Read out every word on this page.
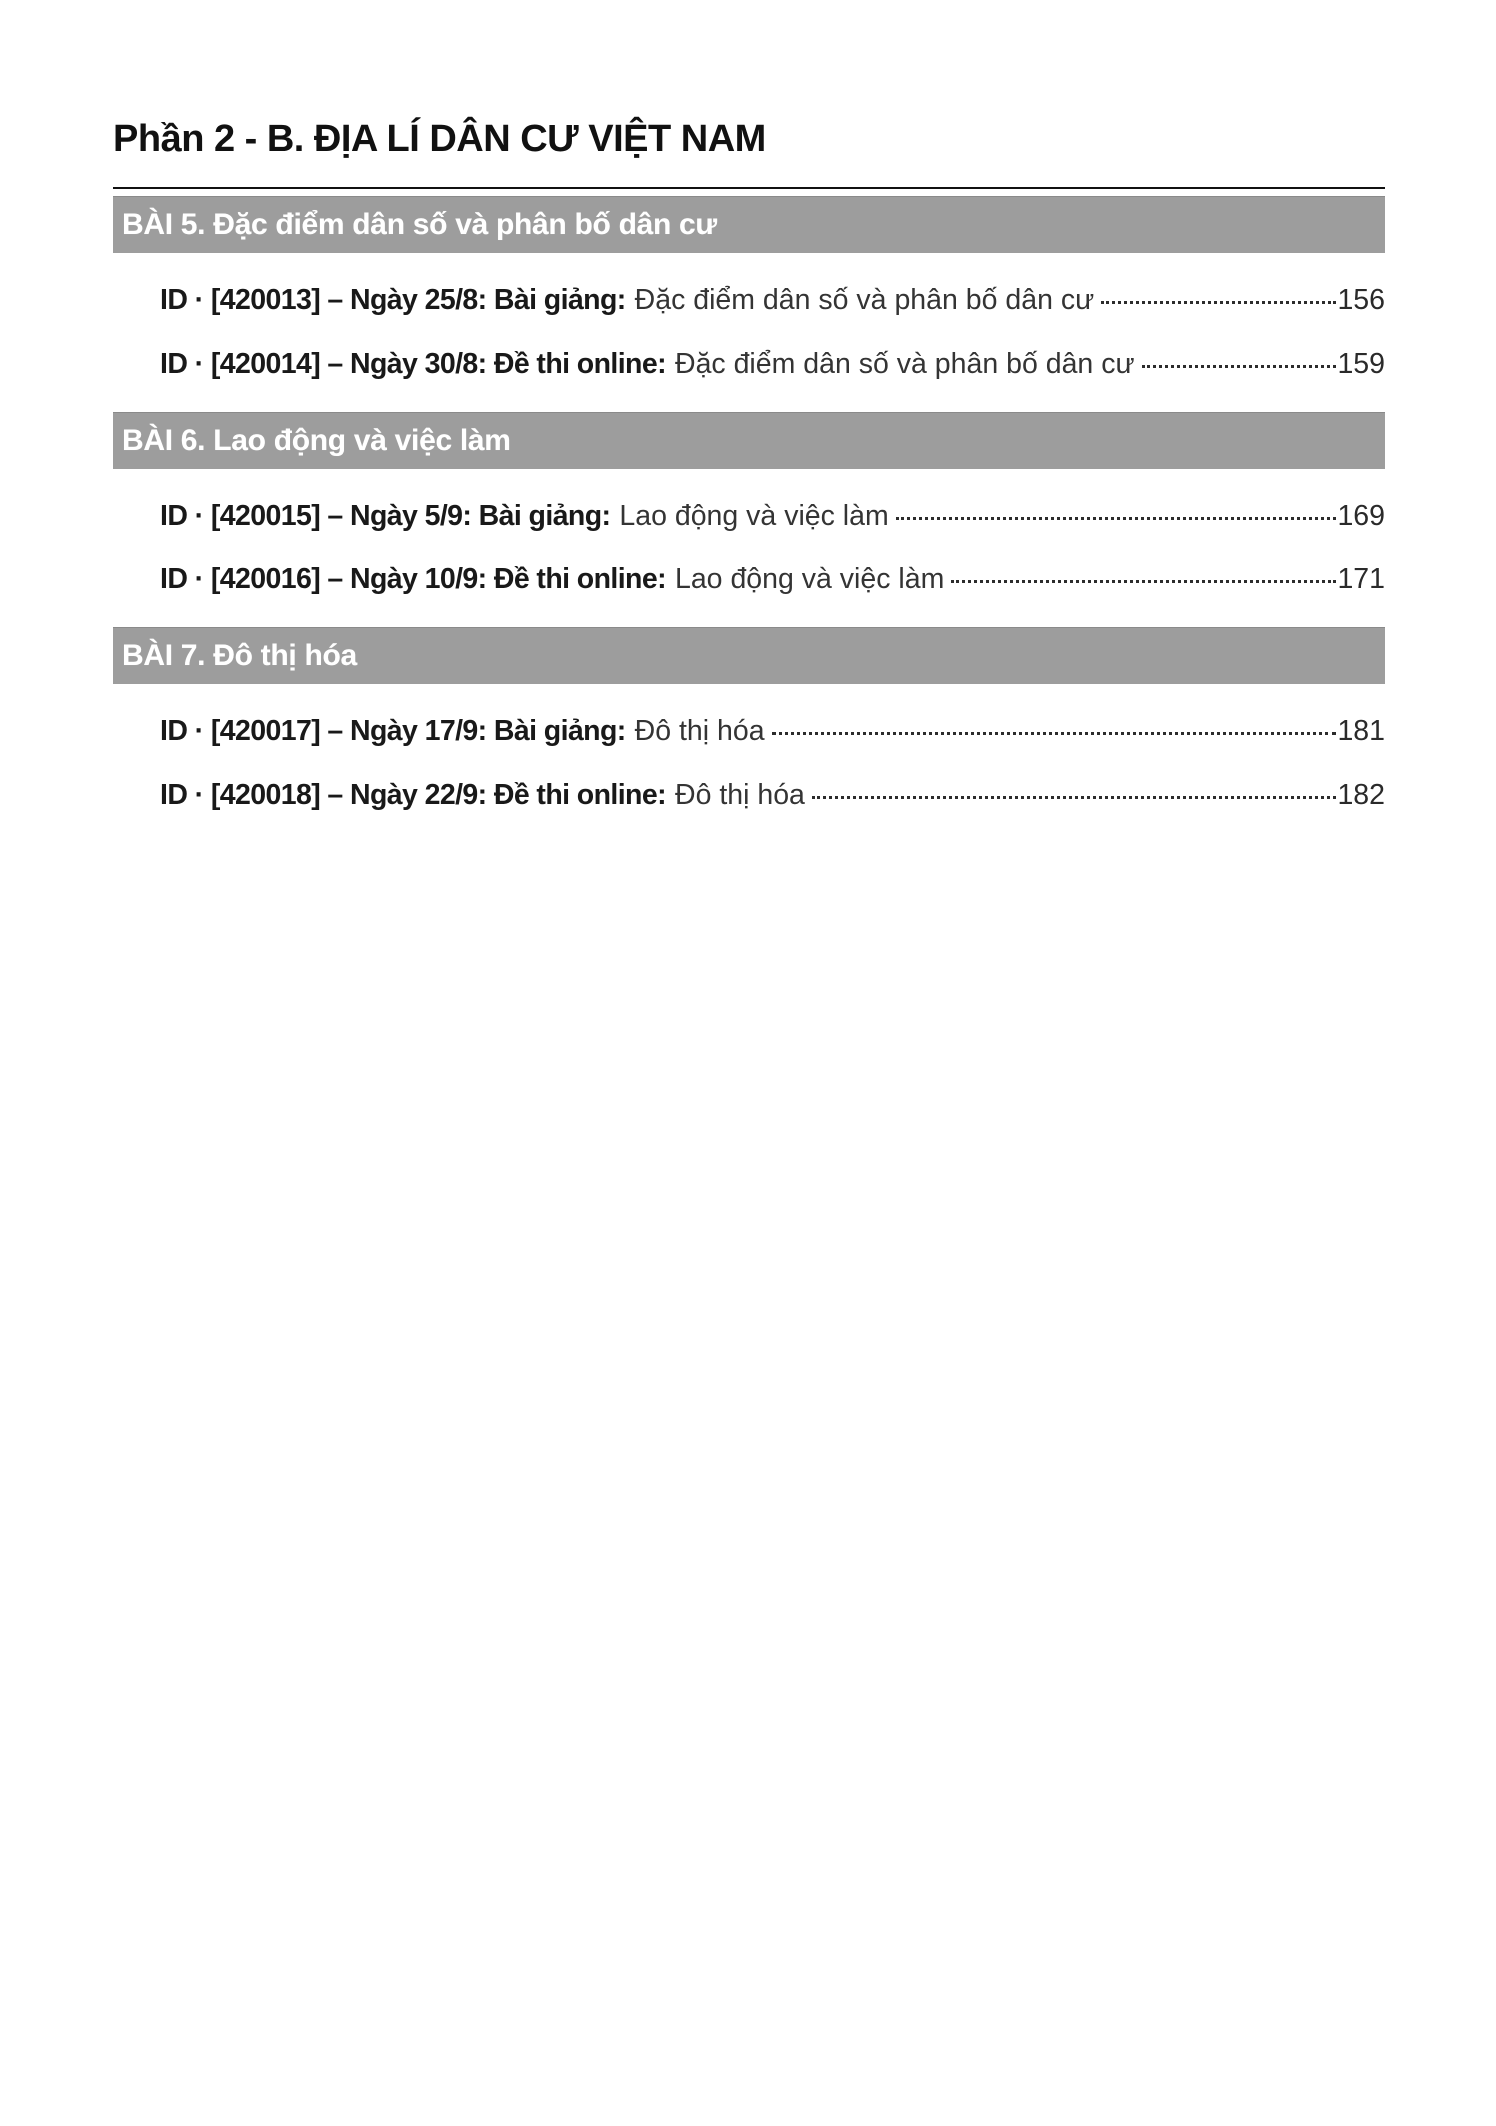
Phần 2 - B. ĐỊA LÍ DÂN CƯ VIỆT NAM
BÀI 5. Đặc điểm dân số và phân bố dân cư
ID · [420013] – Ngày 25/8: Bài giảng: Đặc điểm dân số và phân bố dân cư	156
ID · [420014] – Ngày 30/8: Đề thi online: Đặc điểm dân số và phân bố dân cư	159
BÀI 6. Lao động và việc làm
ID · [420015] – Ngày 5/9: Bài giảng: Lao động và việc làm	169
ID · [420016] – Ngày 10/9: Đề thi online: Lao động và việc làm	171
BÀI 7. Đô thị hóa
ID · [420017] – Ngày 17/9: Bài giảng: Đô thị hóa	181
ID · [420018] – Ngày 22/9: Đề thi online: Đô thị hóa	182
